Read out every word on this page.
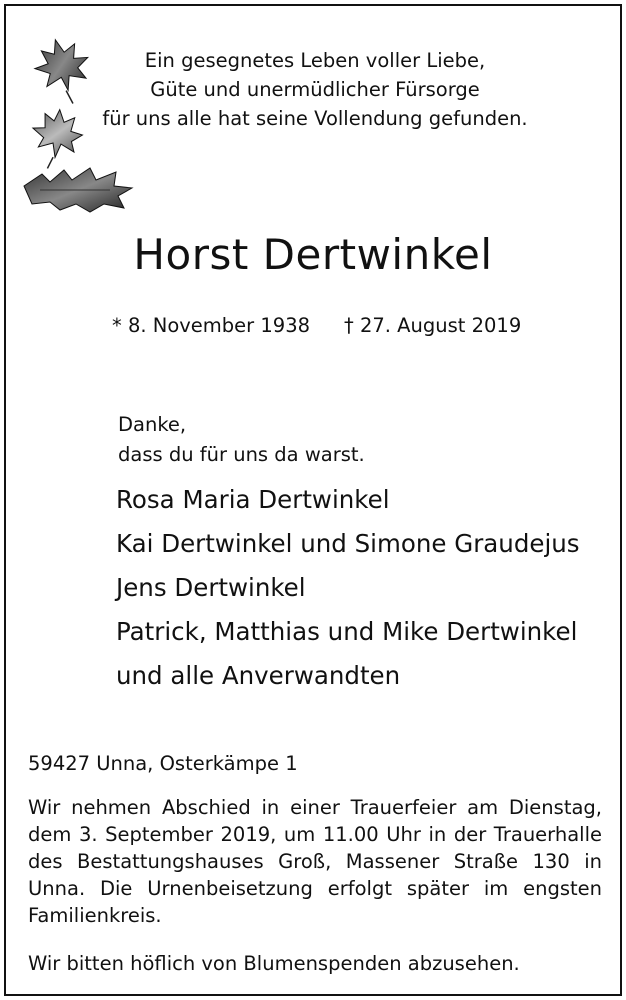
Ein gesegnetes Leben voller Liebe,
Güte und unermüdlicher Fürsorge
für uns alle hat seine Vollendung gefunden.
Horst Dertwinkel
* 8. November 1938 † 27. August 2019
Danke,
dass du für uns da warst.
Rosa Maria Dertwinkel
Kai Dertwinkel und Simone Graudejus
Jens Dertwinkel
Patrick, Matthias und Mike Dertwinkel
und alle Anverwandten
59427 Unna, Osterkämpe 1
Wir nehmen Abschied in einer Trauerfeier am Dienstag, dem 3. September 2019, um 11.00 Uhr in der Trauerhalle des Bestattungshauses Groß, Massener Straße 130 in Unna. Die Urnenbeisetzung erfolgt später im engsten Familienkreis.
Wir bitten höflich von Blumenspenden abzusehen.
